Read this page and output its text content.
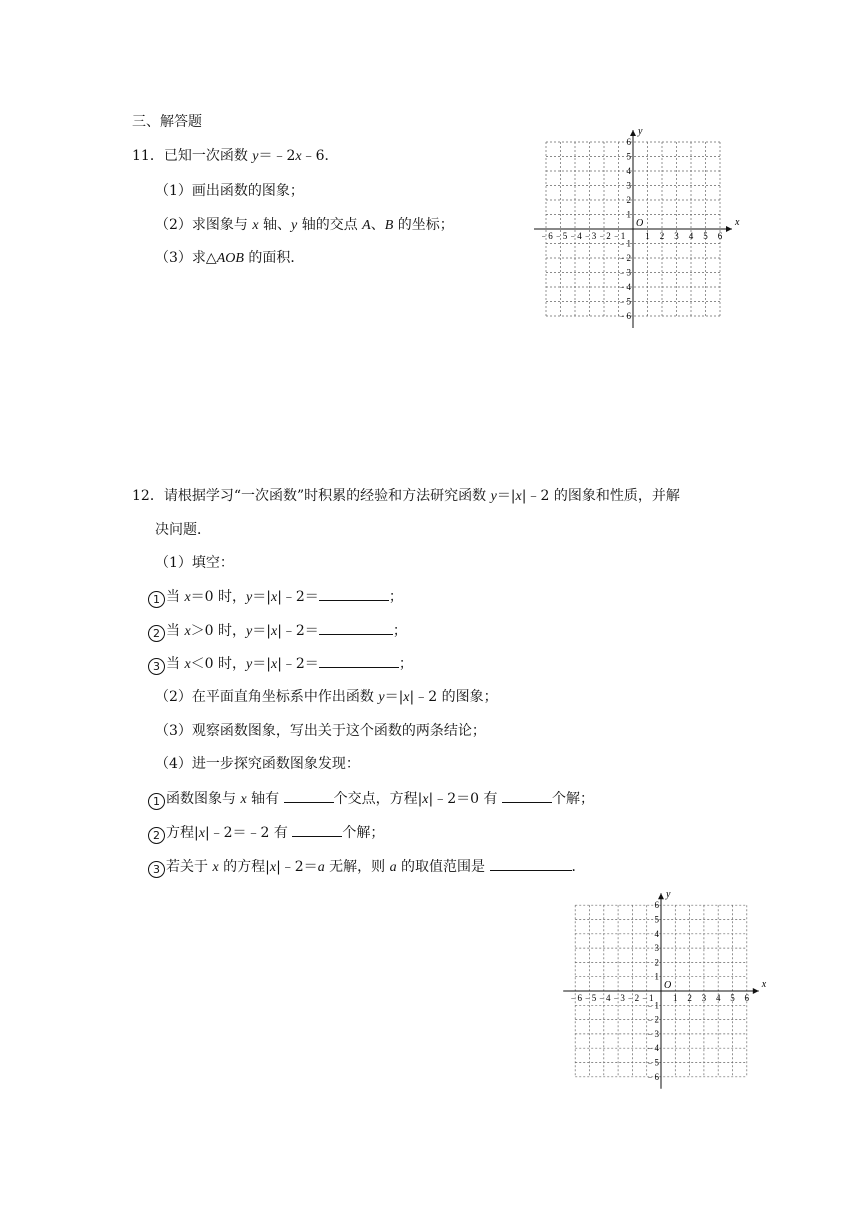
三、解答题
11．已知一次函数 y＝﹣2x﹣6．
（1）画出函数的图象；
（2）求图象与 x 轴、y 轴的交点 A、B 的坐标；
（3）求△AOB 的面积．
x
y
O
﹣6 ﹣5 ﹣4 ﹣3 ﹣2 ﹣1 1 2 3 4 5 6
1
2
3
4
5
6
﹣1
﹣2
﹣3
﹣4
﹣5
﹣6
12．请根据学习“一次函数”时积累的经验和方法研究函数 y＝|x|﹣2 的图象和性质，并解
决问题．
（1）填空：
1 当 x＝0 时，y＝|x|﹣2＝	；
2 当 x＞0 时，y＝|x|﹣2＝	；
3 当 x＜0 时，y＝|x|﹣2＝	；
（2）在平面直角坐标系中作出函数 y＝|x|﹣2 的图象；
（3）观察函数图象，写出关于这个函数的两条结论；
（4）进一步探究函数图象发现：
1 函数图象与 x 轴有	个交点，方程|x|﹣2＝0 有	个解；
2 方程|x|﹣2＝﹣2 有	个解；
3 若关于 x 的方程|x|﹣2＝a 无解，则 a 的取值范围是	．
x
y
O
﹣6 ﹣5 ﹣4 ﹣3 ﹣2 ﹣1 1 2 3 4 5 6
1
2
3
4
5
6
﹣1
﹣2
﹣3
﹣4
﹣5
﹣6
